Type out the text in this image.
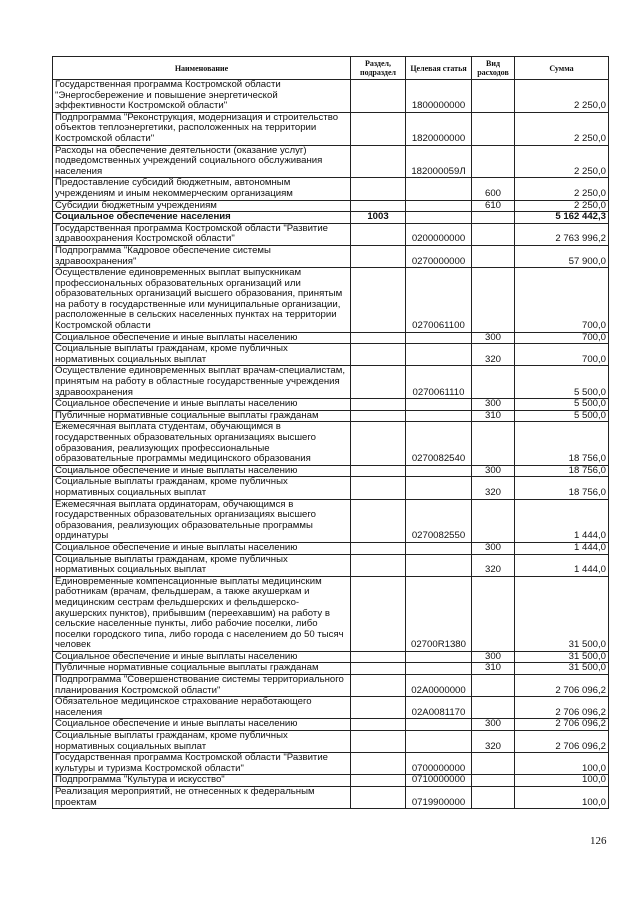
Наименование	Раздел, подраздел	Целевая статья	Вид расходов	Сумма
Государственная программа Костромской области "Энергосбережение и повышение энергетической эффективности Костромской области"		1800000000		2 250,0
Подпрограмма "Реконструкция, модернизация и строительство объектов теплоэнергетики, расположенных на территории Костромской области"		1820000000		2 250,0
Расходы на обеспечение деятельности (оказание услуг) подведомственных учреждений социального обслуживания населения		182000059Л		2 250,0
Предоставление субсидий бюджетным, автономным учреждениям и иным некоммерческим организациям			600	2 250,0
Субсидии бюджетным учреждениям			610	2 250,0
Социальное обеспечение населения	1003			5 162 442,3
Государственная программа Костромской области "Развитие здравоохранения Костромской области"		0200000000		2 763 996,2
Подпрограмма "Кадровое обеспечение системы здравоохранения"		0270000000		57 900,0
Осуществление единовременных выплат выпускникам профессиональных образовательных организаций или образовательных организаций высшего образования, принятым на работу в государственные или муниципальные организации, расположенные в сельских населенных пунктах на территории Костромской области		0270061100		700,0
Социальное обеспечение и иные выплаты населению			300	700,0
Социальные выплаты гражданам, кроме публичных нормативных социальных выплат			320	700,0
Осуществление единовременных выплат врачам-специалистам, принятым на работу в областные государственные учреждения здравоохранения		0270061110		5 500,0
Социальное обеспечение и иные выплаты населению			300	5 500,0
Публичные нормативные социальные выплаты гражданам			310	5 500,0
Ежемесячная выплата студентам, обучающимся в государственных образовательных организациях высшего образования, реализующих профессиональные образовательные программы медицинского образования		0270082540		18 756,0
Социальное обеспечение и иные выплаты населению			300	18 756,0
Социальные выплаты гражданам, кроме публичных нормативных социальных выплат			320	18 756,0
Ежемесячная выплата ординаторам, обучающимся в государственных образовательных организациях высшего образования, реализующих образовательные программы ординатуры		0270082550		1 444,0
Социальное обеспечение и иные выплаты населению			300	1 444,0
Социальные выплаты гражданам, кроме публичных нормативных социальных выплат			320	1 444,0
Единовременные компенсационные выплаты медицинским работникам (врачам, фельдшерам, а также акушеркам и медицинским сестрам фельдшерских и фельдшерско-акушерских пунктов), прибывшим (переехавшим) на работу в сельские населенные пункты, либо рабочие поселки, либо поселки городского типа, либо города с населением до 50 тысяч человек		02700R1380		31 500,0
Социальное обеспечение и иные выплаты населению			300	31 500,0
Публичные нормативные социальные выплаты гражданам			310	31 500,0
Подпрограмма "Совершенствование системы территориального планирования Костромской области"		02А0000000		2 706 096,2
Обязательное медицинское страхование неработающего населения		02А0081170		2 706 096,2
Социальное обеспечение и иные выплаты населению			300	2 706 096,2
Социальные выплаты гражданам, кроме публичных нормативных социальных выплат			320	2 706 096,2
Государственная программа Костромской области "Развитие культуры и туризма Костромской области"		0700000000		100,0
Подпрограмма "Культура и искусство"		0710000000		100,0
Реализация мероприятий, не отнесенных к федеральным проектам		0719900000		100,0
126
